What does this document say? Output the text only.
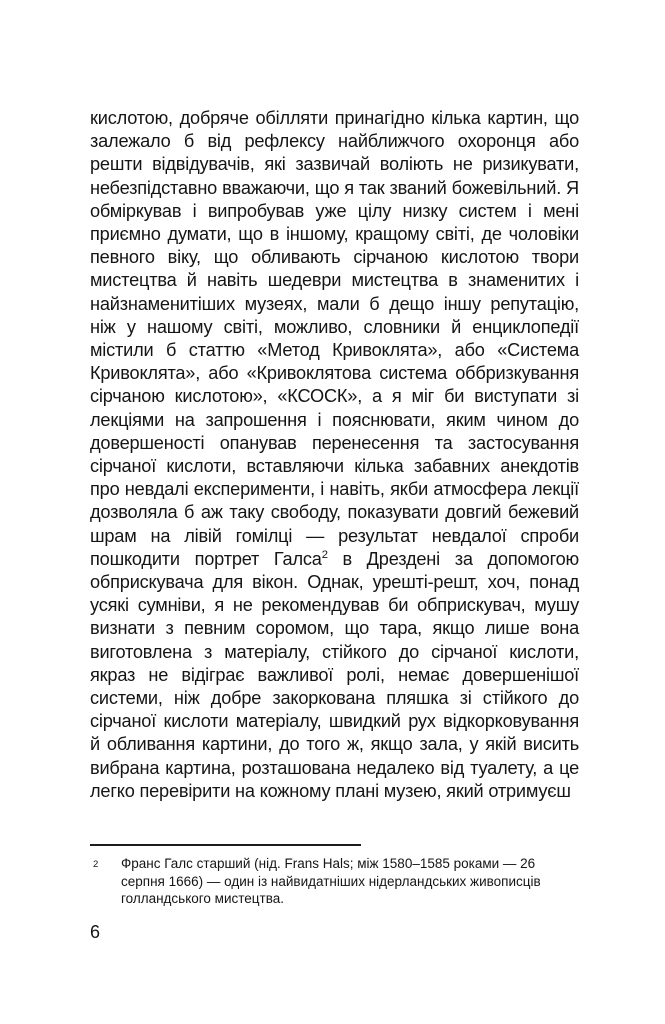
кислотою, добряче обілляти принагідно кілька картин, що залежало б від рефлексу найближчого охоронця або решти відвідувачів, які зазвичай воліють не ризикувати, небезпідставно вважаючи, що я так званий божевільний. Я обміркував і випробував уже цілу низку систем і мені приємно думати, що в іншому, кращому світі, де чоловіки певного віку, що обливають сірчаною кислотою твори мистецтва й навіть шедеври мистецтва в знаменитих і найзнаменитіших музеях, мали б дещо іншу репутацію, ніж у нашому світі, можливо, словники й енциклопедії містили б статтю «Метод Кривоклята», або «Система Кривоклята», або «Кривоклятова система оббризкування сірчаною кислотою», «КСОСК», а я міг би виступати зі лекціями на запрошення і пояснювати, яким чином до довершеності опанував перенесення та застосування сірчаної кислоти, вставляючи кілька забавних анекдотів про невдалі експерименти, і навіть, якби атмосфера лекції дозволяла б аж таку свободу, показувати довгий бежевий шрам на лівій гомілці — результат невдалої спроби пошкодити портрет Галса$^2$ в Дрездені за допомогою обприскувача для вікон. Однак, урешті-решт, хоч, понад усякі сумніви, я не рекомендував би обприскувач, мушу визнати з певним соромом, що тара, якщо лише вона виготовлена з матеріалу, стійкого до сірчаної кислоти, якраз не відіграє важливої ролі, немає довершенішої системи, ніж добре закоркована пляшка зі стійкого до сірчаної кислоти матеріалу, швидкий рух відкорковування й обливання картини, до того ж, якщо зала, у якій висить вибрана картина, розташована недалеко від туалету, а це легко перевірити на кожному плані музею, який отримуєш
2	Франс Галс старший (нід. Frans Hals; між 1580–1585 роками — 26 серпня 1666) — один із найвидатніших нідерландських живописців голландського мистецтва.
6
